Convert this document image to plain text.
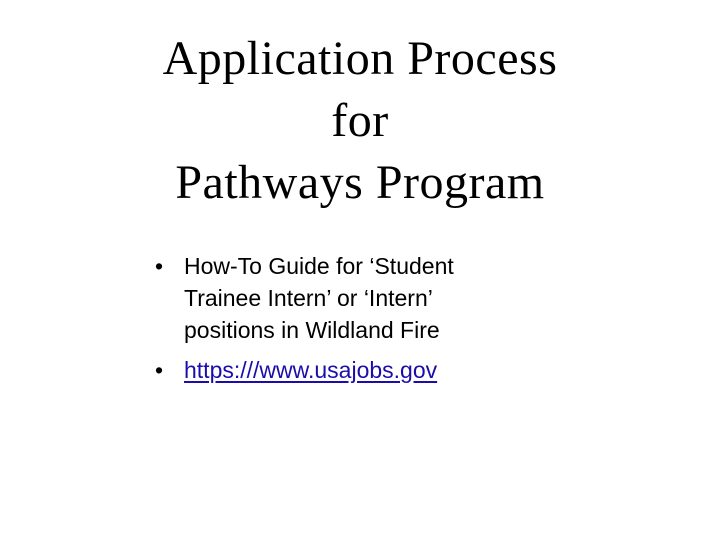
Application Process
for
Pathways Program
• How-To Guide for ‘Student
Trainee Intern’ or ‘Intern’
positions in Wildland Fire
• https:///www.usajobs.gov
